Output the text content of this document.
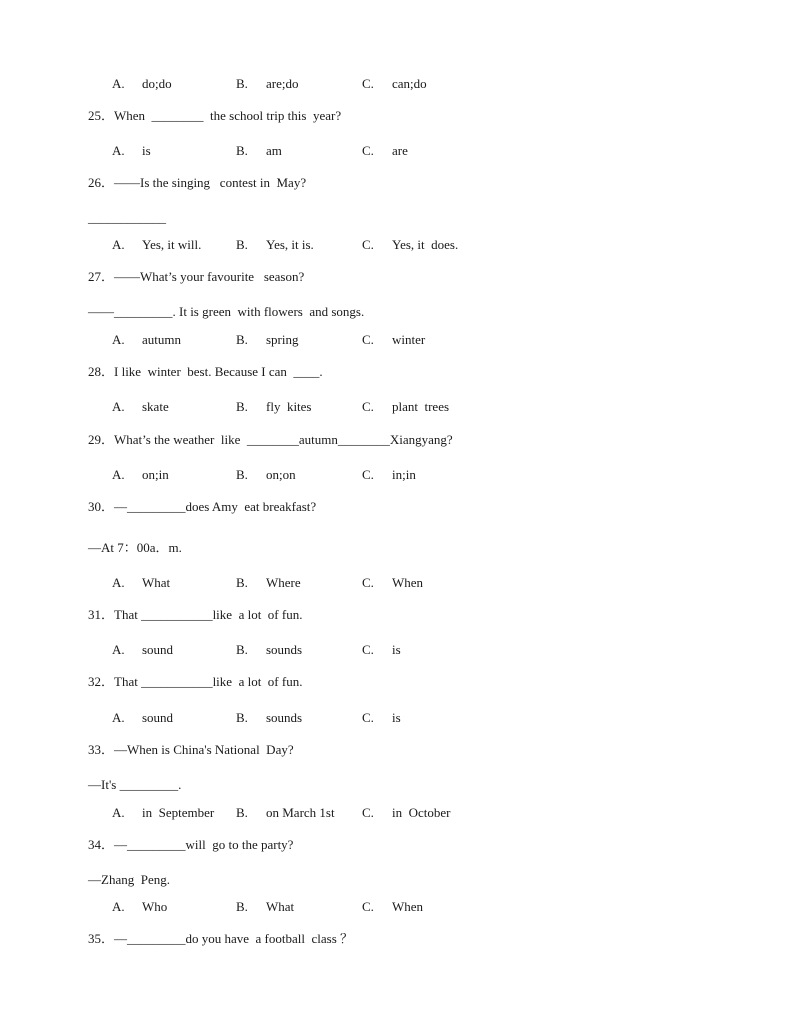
A. do;do	B. are;do	C. can;do
25．When  ________  the school trip this  year?
A. is	B. am	C. are
26．——Is the singing   contest in  May?
____________
A. Yes, it will.	B. Yes, it is.	C. Yes, it  does.
27．——What’s your favourite   season?
——_________. It is green  with flowers  and songs.
A. autumn	B. spring	C. winter
28．I like  winter  best. Because I can  ____.
A. skate	B. fly  kites	C. plant  trees
29．What’s the weather  like  ________autumn________Xiangyang?
A. on;in	B. on;on	C. in;in
30．—_________does Amy  eat breakfast?
—At 7：00a．m.
A. What	B. Where	C. When
31．That ___________like  a lot  of fun.
A. sound	B. sounds	C. is
32．That ___________like  a lot  of fun.
A. sound	B. sounds	C. is
33．—When is China's National  Day?
—It's _________.
A. in  September B. on March 1st C. in  October
34．—_________will  go to the party?
—Zhang  Peng.
A. Who	B. What	C. When
35．—_________do you have  a football  class ？
